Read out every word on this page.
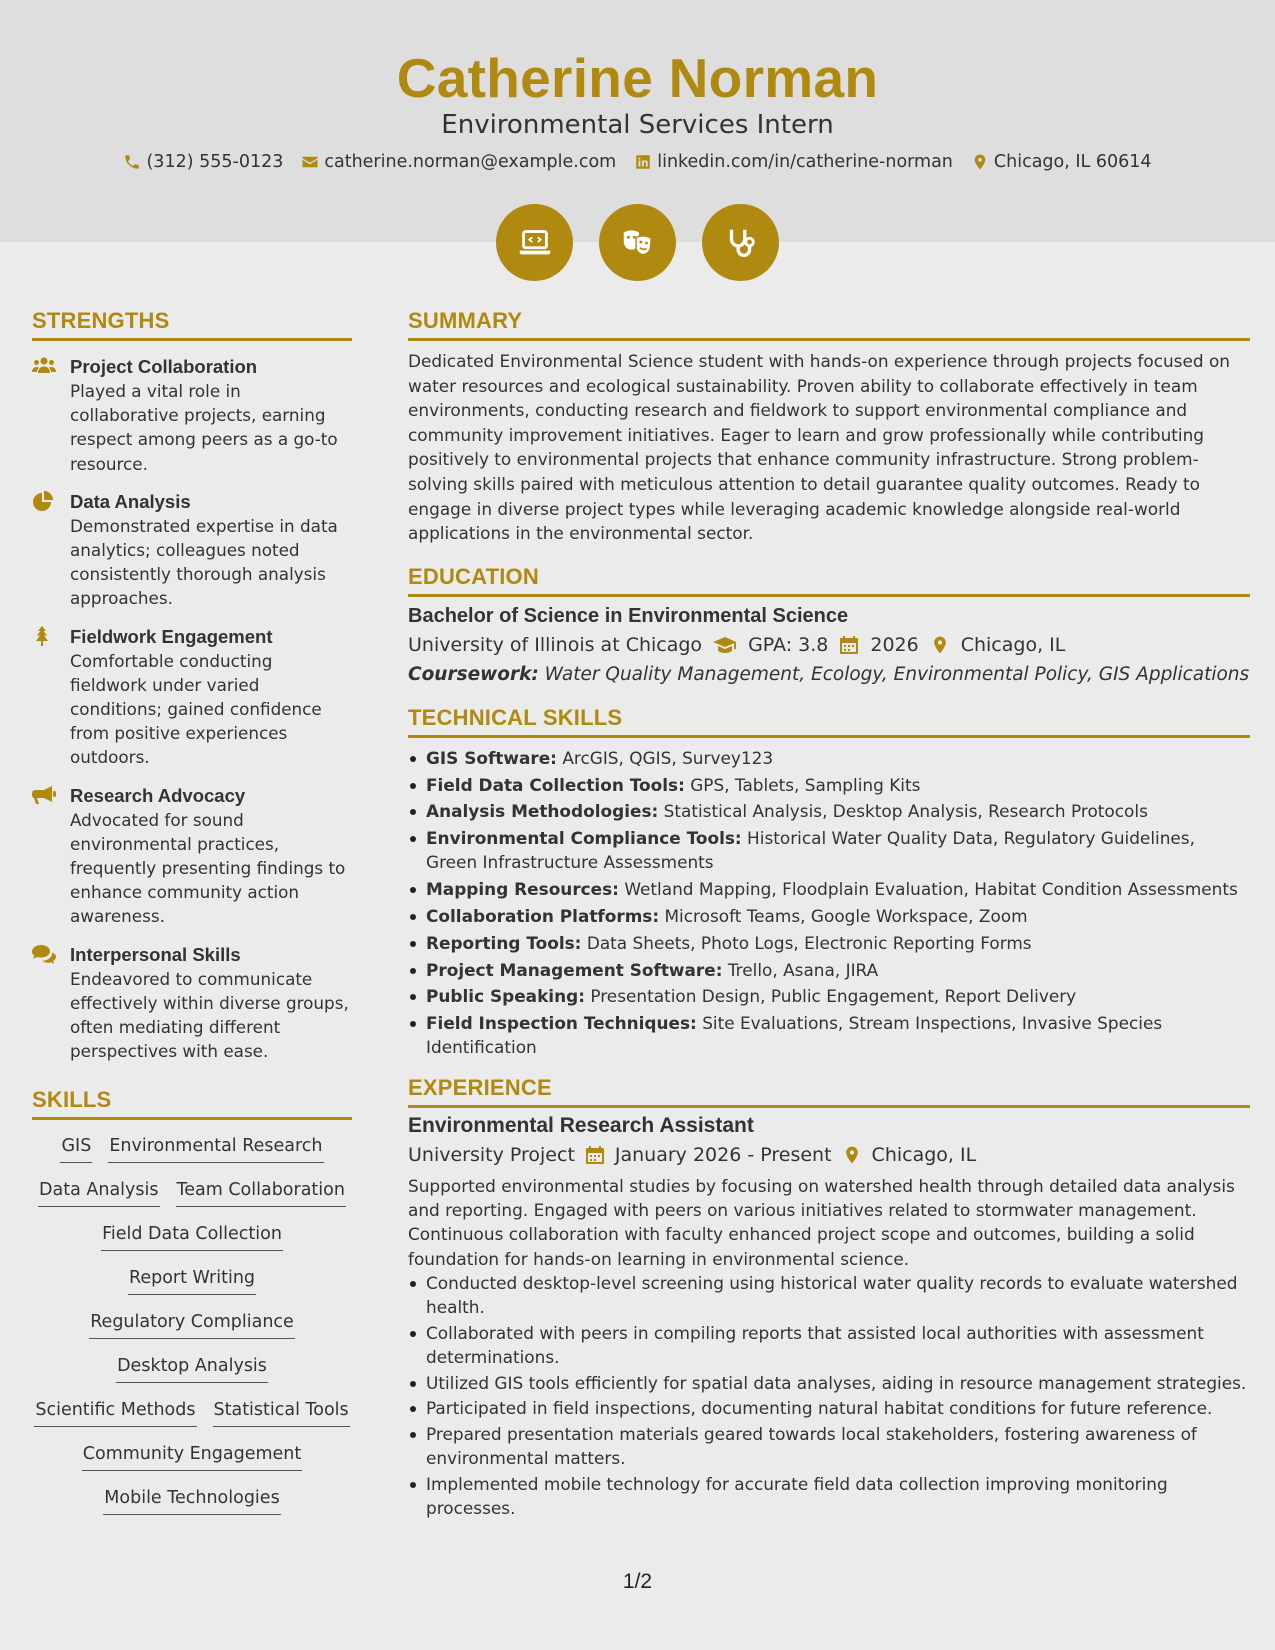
Catherine Norman
Environmental Services Intern
(312) 555-0123 catherine.norman@example.com linkedin.com/in/catherine-norman Chicago, IL 60614
STRENGTHS
Project Collaboration
Played a vital role in collaborative projects, earning respect among peers as a go-to resource.
Data Analysis
Demonstrated expertise in data analytics; colleagues noted consistently thorough analysis approaches.
Fieldwork Engagement
Comfortable conducting fieldwork under varied conditions; gained confidence from positive experiences outdoors.
Research Advocacy
Advocated for sound environmental practices, frequently presenting findings to enhance community action awareness.
Interpersonal Skills
Endeavored to communicate effectively within diverse groups, often mediating different perspectives with ease.
SKILLS
GIS Environmental Research
Data Analysis Team Collaboration
Field Data Collection
Report Writing
Regulatory Compliance
Desktop Analysis
Scientific Methods Statistical Tools
Community Engagement
Mobile Technologies
SUMMARY
Dedicated Environmental Science student with hands-on experience through projects focused on water resources and ecological sustainability. Proven ability to collaborate effectively in team environments, conducting research and fieldwork to support environmental compliance and community improvement initiatives. Eager to learn and grow professionally while contributing positively to environmental projects that enhance community infrastructure. Strong problem-solving skills paired with meticulous attention to detail guarantee quality outcomes. Ready to engage in diverse project types while leveraging academic knowledge alongside real-world applications in the environmental sector.
EDUCATION
Bachelor of Science in Environmental Science
University of Illinois at Chicago GPA: 3.8 2026 Chicago, IL
Coursework: Water Quality Management, Ecology, Environmental Policy, GIS Applications
TECHNICAL SKILLS
GIS Software: ArcGIS, QGIS, Survey123
Field Data Collection Tools: GPS, Tablets, Sampling Kits
Analysis Methodologies: Statistical Analysis, Desktop Analysis, Research Protocols
Environmental Compliance Tools: Historical Water Quality Data, Regulatory Guidelines, Green Infrastructure Assessments
Mapping Resources: Wetland Mapping, Floodplain Evaluation, Habitat Condition Assessments
Collaboration Platforms: Microsoft Teams, Google Workspace, Zoom
Reporting Tools: Data Sheets, Photo Logs, Electronic Reporting Forms
Project Management Software: Trello, Asana, JIRA
Public Speaking: Presentation Design, Public Engagement, Report Delivery
Field Inspection Techniques: Site Evaluations, Stream Inspections, Invasive Species Identification
EXPERIENCE
Environmental Research Assistant
University Project January 2026 - Present Chicago, IL
Supported environmental studies by focusing on watershed health through detailed data analysis and reporting. Engaged with peers on various initiatives related to stormwater management. Continuous collaboration with faculty enhanced project scope and outcomes, building a solid foundation for hands-on learning in environmental science.
Conducted desktop-level screening using historical water quality records to evaluate watershed health.
Collaborated with peers in compiling reports that assisted local authorities with assessment determinations.
Utilized GIS tools efficiently for spatial data analyses, aiding in resource management strategies.
Participated in field inspections, documenting natural habitat conditions for future reference.
Prepared presentation materials geared towards local stakeholders, fostering awareness of environmental matters.
Implemented mobile technology for accurate field data collection improving monitoring processes.
1/2
